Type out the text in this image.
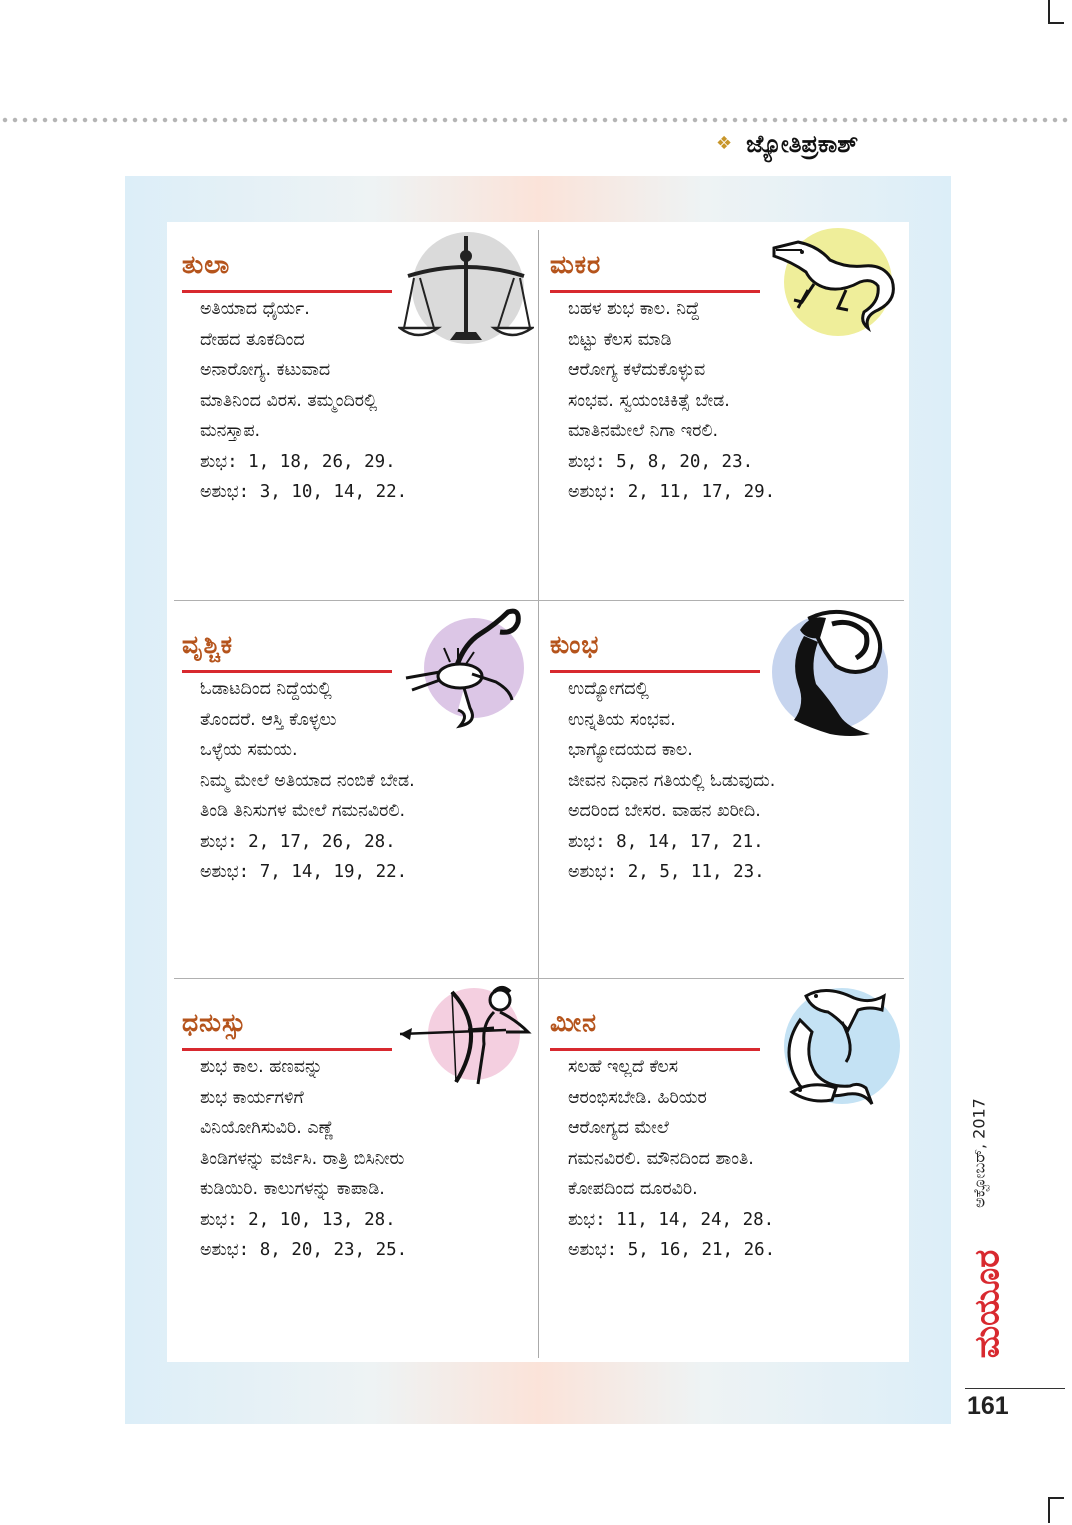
❖ ಜ್ಯೋತಿಪ್ರಕಾಶ್
ತುಲಾ
ಅತಿಯಾದ ಧೈರ್ಯ.
ದೇಹದ ತೂಕದಿಂದ
ಅನಾರೋಗ್ಯ. ಕಟುವಾದ
ಮಾತಿನಿಂದ ವಿರಸ. ತಮ್ಮಂದಿರಲ್ಲಿ
ಮನಸ್ತಾಪ.
ಶುಭ: 1, 18, 26, 29.
ಅಶುಭ: 3, 10, 14, 22.
ಮಕರ
ಬಹಳ ಶುಭ ಕಾಲ. ನಿದ್ದೆ
ಬಿಟ್ಟು ಕೆಲಸ ಮಾಡಿ
ಆರೋಗ್ಯ ಕಳೆದುಕೊಳ್ಳುವ
ಸಂಭವ. ಸ್ವಯಂಚಿಕಿತ್ಸೆ ಬೇಡ.
ಮಾತಿನಮೇಲೆ ನಿಗಾ ಇರಲಿ.
ಶುಭ: 5, 8, 20, 23.
ಅಶುಭ: 2, 11, 17, 29.
ವೃಶ್ಚಿಕ
ಓಡಾಟದಿಂದ ನಿದ್ದೆಯಲ್ಲಿ
ತೊಂದರೆ. ಆಸ್ತಿ ಕೊಳ್ಳಲು
ಒಳ್ಳೆಯ ಸಮಯ.
ನಿಮ್ಮ ಮೇಲೆ ಅತಿಯಾದ ನಂಬಿಕೆ ಬೇಡ.
ತಿಂಡಿ ತಿನಿಸುಗಳ ಮೇಲೆ ಗಮನವಿರಲಿ.
ಶುಭ: 2, 17, 26, 28.
ಅಶುಭ: 7, 14, 19, 22.
ಕುಂಭ
ಉದ್ಯೋಗದಲ್ಲಿ
ಉನ್ನತಿಯ ಸಂಭವ.
ಭಾಗ್ಯೋದಯದ ಕಾಲ.
ಜೀವನ ನಿಧಾನ ಗತಿಯಲ್ಲಿ ಓಡುವುದು.
ಅದರಿಂದ ಬೇಸರ. ವಾಹನ ಖರೀದಿ.
ಶುಭ: 8, 14, 17, 21.
ಅಶುಭ: 2, 5, 11, 23.
ಧನುಸ್ಸು
ಶುಭ ಕಾಲ. ಹಣವನ್ನು
ಶುಭ ಕಾರ್ಯಗಳಿಗೆ
ವಿನಿಯೋಗಿಸುವಿರಿ. ಎಣ್ಣೆ
ತಿಂಡಿಗಳನ್ನು ವರ್ಜಿಸಿ. ರಾತ್ರಿ ಬಿಸಿನೀರು
ಕುಡಿಯಿರಿ. ಕಾಲುಗಳನ್ನು ಕಾಪಾಡಿ.
ಶುಭ: 2, 10, 13, 28.
ಅಶುಭ: 8, 20, 23, 25.
ಮೀನ
ಸಲಹೆ ಇಲ್ಲದೆ ಕೆಲಸ
ಆರಂಭಿಸಬೇಡಿ. ಹಿರಿಯರ
ಆರೋಗ್ಯದ ಮೇಲೆ
ಗಮನವಿರಲಿ. ಮೌನದಿಂದ ಶಾಂತಿ.
ಕೋಪದಿಂದ ದೂರವಿರಿ.
ಶುಭ: 11, 14, 24, 28.
ಅಶುಭ: 5, 16, 21, 26.	ಮಯೂರ
ಅಕ್ಟೋಬರ್, 2017
161
